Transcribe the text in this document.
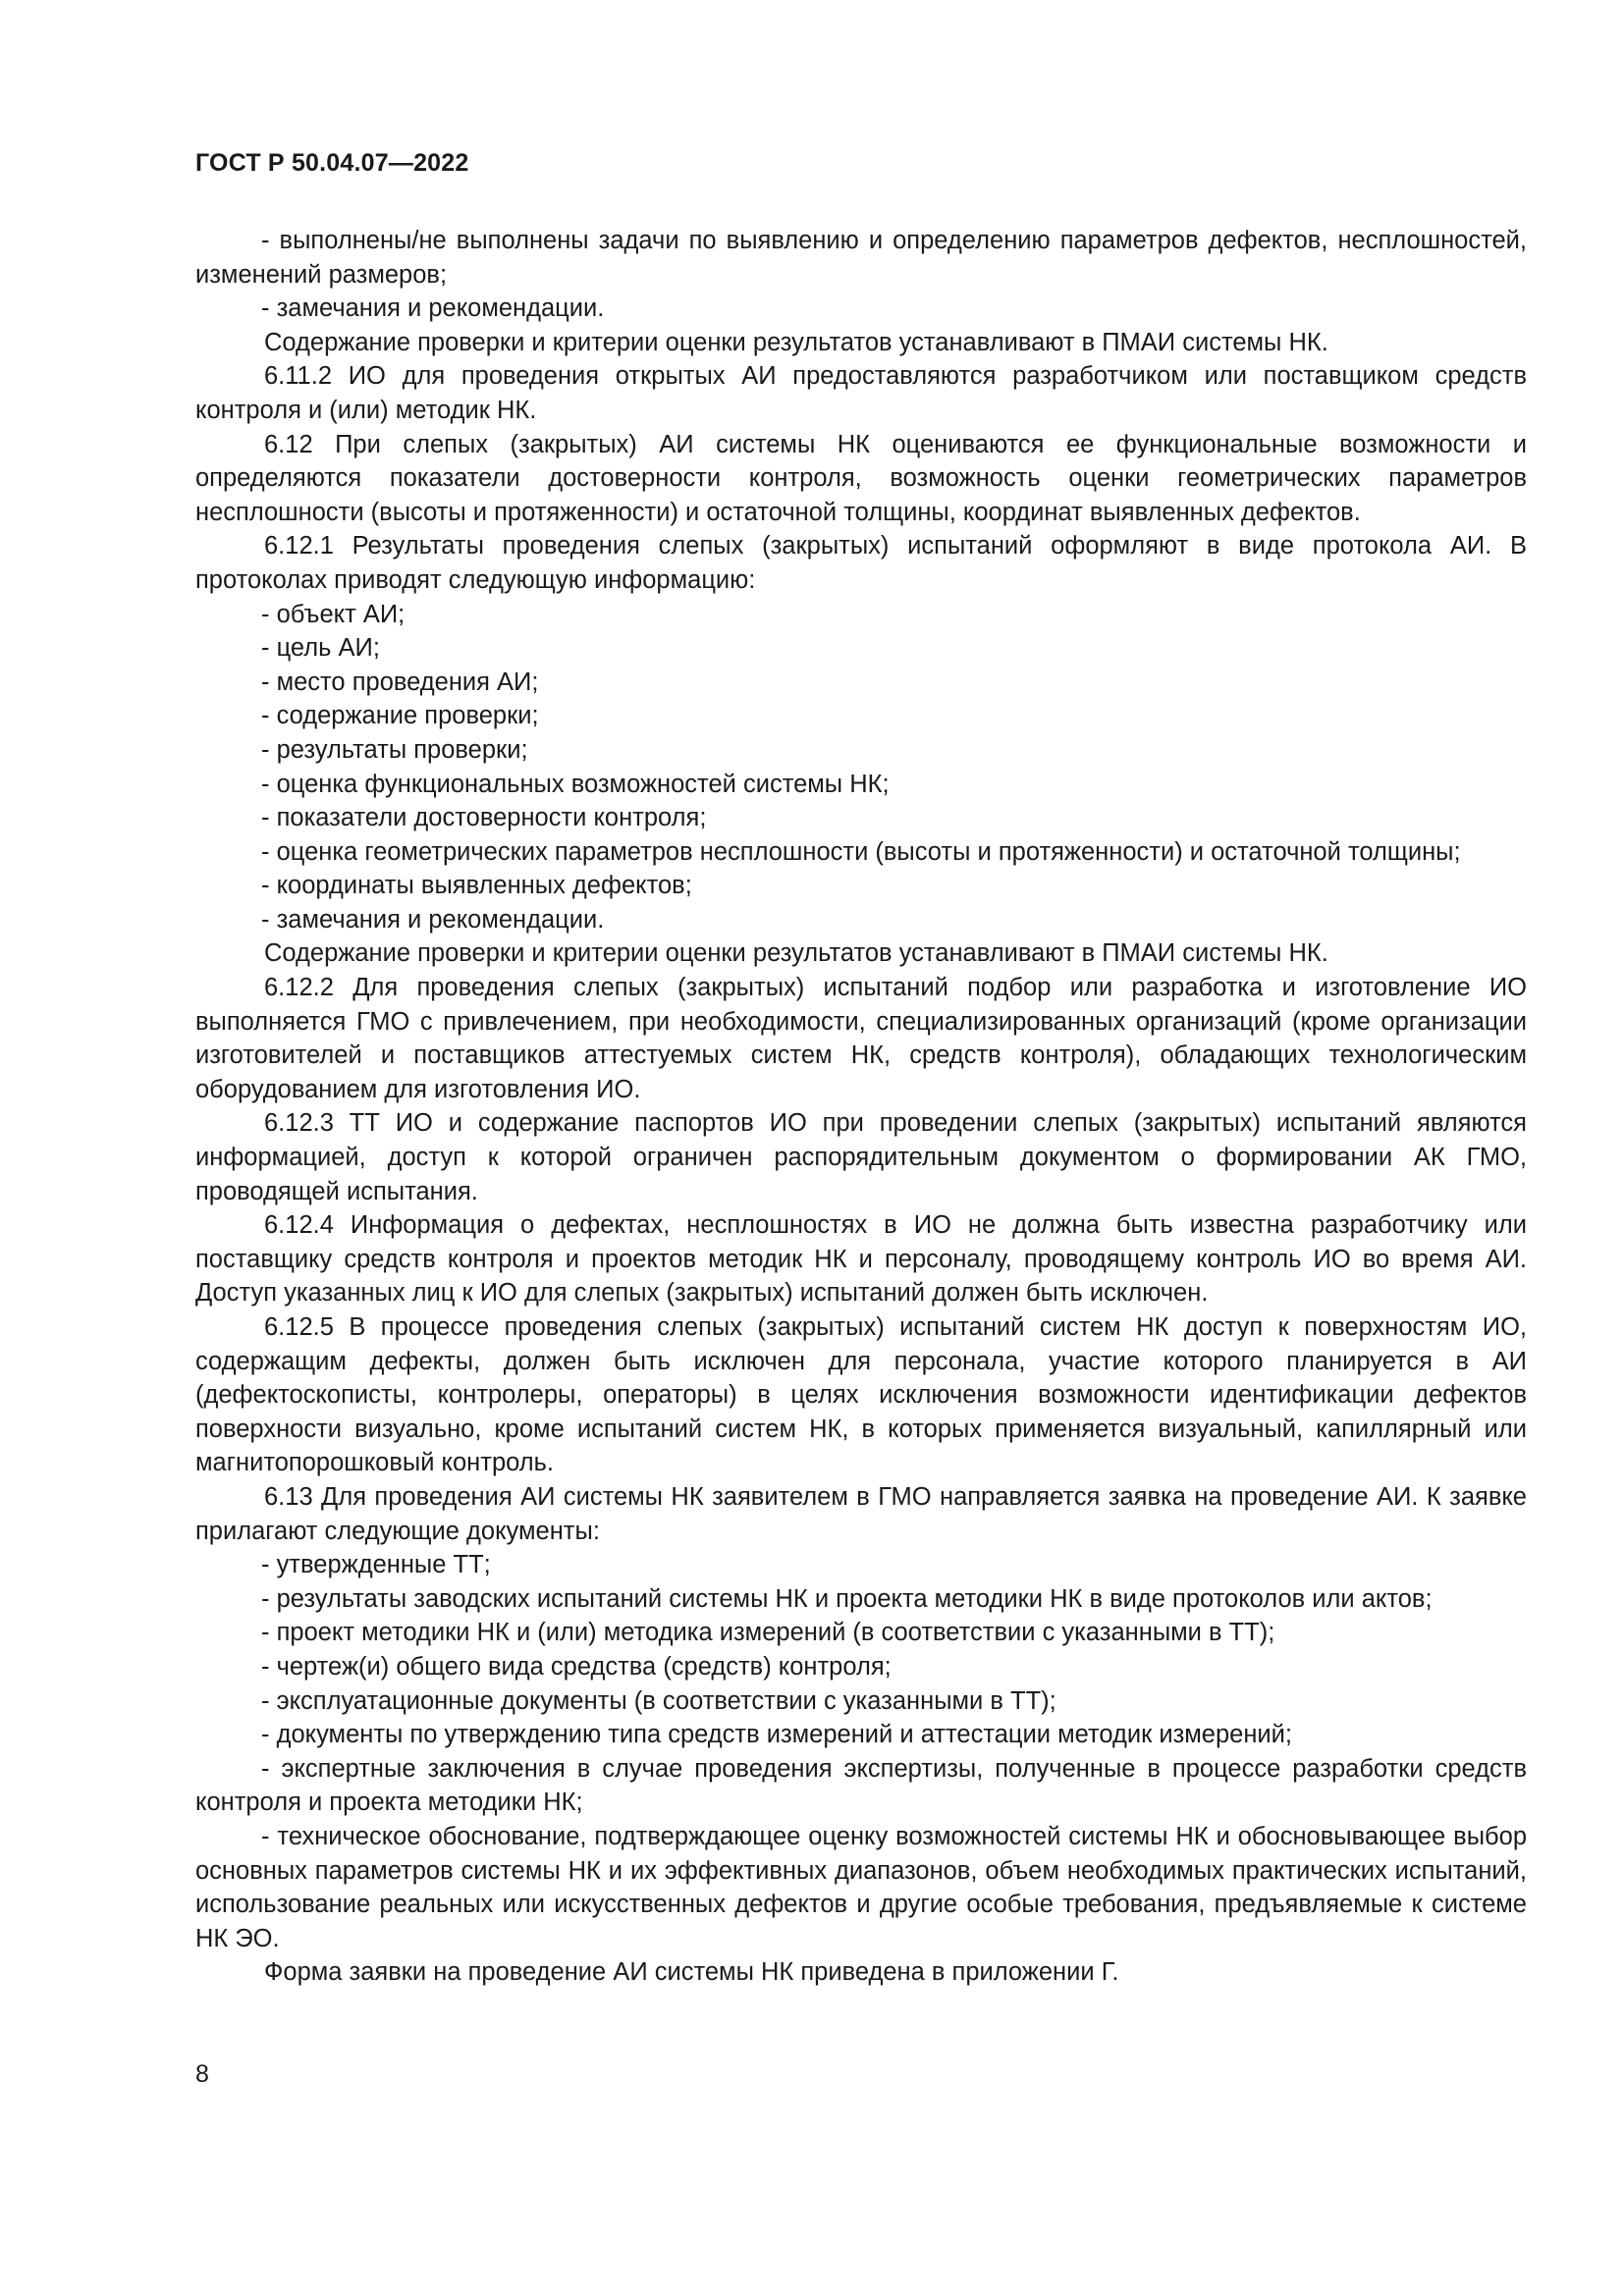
ГОСТ Р 50.04.07—2022

- выполнены/не выполнены задачи по выявлению и определению параметров дефектов, несплошностей, изменений размеров;

- замечания и рекомендации.

Содержание проверки и критерии оценки результатов устанавливают в ПМАИ системы НК.

6.11.2 ИО для проведения открытых АИ предоставляются разработчиком или поставщиком средств контроля и (или) методик НК.

6.12 При слепых (закрытых) АИ системы НК оцениваются ее функциональные возможности и определяются показатели достоверности контроля, возможность оценки геометрических параметров несплошности (высоты и протяженности) и остаточной толщины, координат выявленных дефектов.

6.12.1 Результаты проведения слепых (закрытых) испытаний оформляют в виде протокола АИ. В протоколах приводят следующую информацию:

- объект АИ;

- цель АИ;

- место проведения АИ;

- содержание проверки;

- результаты проверки;

- оценка функциональных возможностей системы НК;

- показатели достоверности контроля;

- оценка геометрических параметров несплошности (высоты и протяженности) и остаточной толщины;

- координаты выявленных дефектов;

- замечания и рекомендации.

Содержание проверки и критерии оценки результатов устанавливают в ПМАИ системы НК.

6.12.2 Для проведения слепых (закрытых) испытаний подбор или разработка и изготовление ИО выполняется ГМО с привлечением, при необходимости, специализированных организаций (кроме организации изготовителей и поставщиков аттестуемых систем НК, средств контроля), обладающих технологическим оборудованием для изготовления ИО.

6.12.3 ТТ ИО и содержание паспортов ИО при проведении слепых (закрытых) испытаний являются информацией, доступ к которой ограничен распорядительным документом о формировании АК ГМО, проводящей испытания.

6.12.4 Информация о дефектах, несплошностях в ИО не должна быть известна разработчику или поставщику средств контроля и проектов методик НК и персоналу, проводящему контроль ИО во время АИ. Доступ указанных лиц к ИО для слепых (закрытых) испытаний должен быть исключен.

6.12.5 В процессе проведения слепых (закрытых) испытаний систем НК доступ к поверхностям ИО, содержащим дефекты, должен быть исключен для персонала, участие которого планируется в АИ (дефектоскописты, контролеры, операторы) в целях исключения возможности идентификации дефектов поверхности визуально, кроме испытаний систем НК, в которых применяется визуальный, капиллярный или магнитопорошковый контроль.

6.13 Для проведения АИ системы НК заявителем в ГМО направляется заявка на проведение АИ. К заявке прилагают следующие документы:

- утвержденные ТТ;

- результаты заводских испытаний системы НК и проекта методики НК в виде протоколов или актов;

- проект методики НК и (или) методика измерений (в соответствии с указанными в ТТ);

- чертеж(и) общего вида средства (средств) контроля;

- эксплуатационные документы (в соответствии с указанными в ТТ);

- документы по утверждению типа средств измерений и аттестации методик измерений;

- экспертные заключения в случае проведения экспертизы, полученные в процессе разработки средств контроля и проекта методики НК;

- техническое обоснование, подтверждающее оценку возможностей системы НК и обосновывающее выбор основных параметров системы НК и их эффективных диапазонов, объем необходимых практических испытаний, использование реальных или искусственных дефектов и другие особые требования, предъявляемые к системе НК ЭО.

Форма заявки на проведение АИ системы НК приведена в приложении Г.

8
